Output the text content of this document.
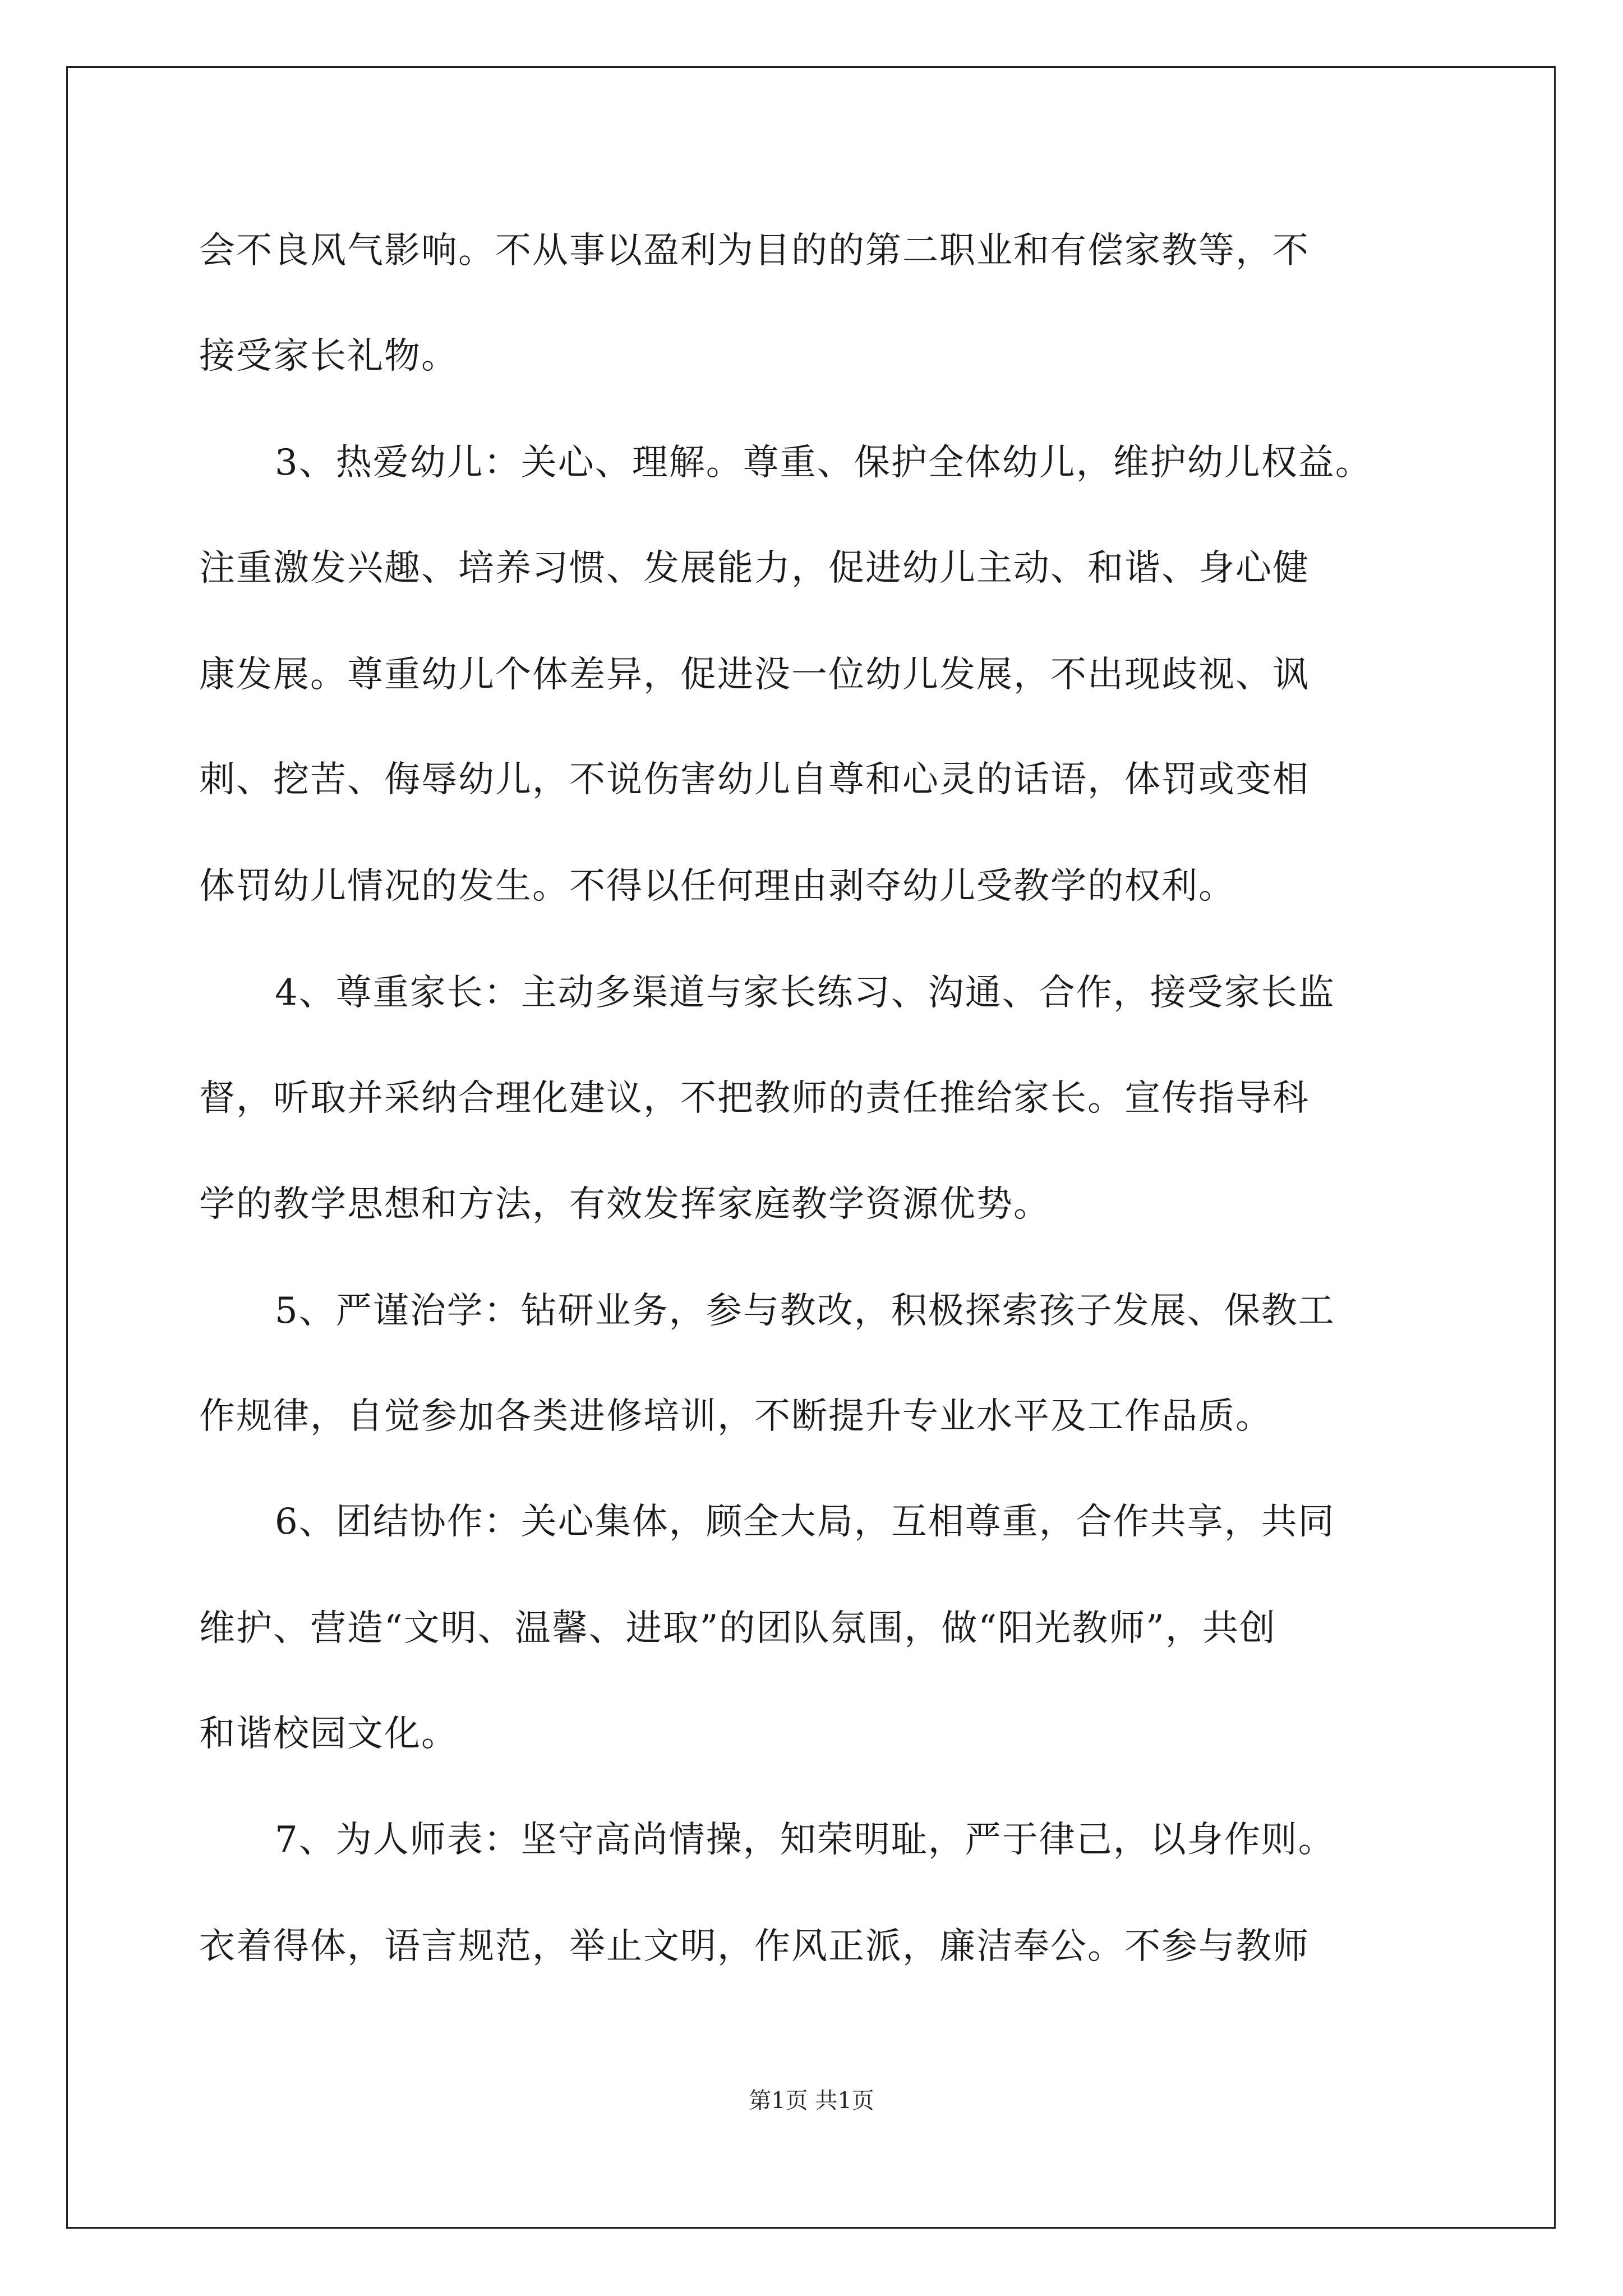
会不良风气影响。不从事以盈利为目的的第二职业和有偿家教等，不
接受家长礼物。
3、热爱幼儿：关心、理解。尊重、保护全体幼儿，维护幼儿权益。
注重激发兴趣、培养习惯、发展能力，促进幼儿主动、和谐、身心健
康发展。尊重幼儿个体差异，促进没一位幼儿发展，不出现歧视、讽
刺、挖苦、侮辱幼儿，不说伤害幼儿自尊和心灵的话语，体罚或变相
体罚幼儿情况的发生。不得以任何理由剥夺幼儿受教学的权利。
4、尊重家长：主动多渠道与家长练习、沟通、合作，接受家长监
督，听取并采纳合理化建议，不把教师的责任推给家长。宣传指导科
学的教学思想和方法，有效发挥家庭教学资源优势。
5、严谨治学：钻研业务，参与教改，积极探索孩子发展、保教工
作规律，自觉参加各类进修培训，不断提升专业水平及工作品质。
6、团结协作：关心集体，顾全大局，互相尊重，合作共享，共同
维护、营造“文明、温馨、进取”的团队氛围，做“阳光教师”，共创
和谐校园文化。
7、为人师表：坚守高尚情操，知荣明耻，严于律己，以身作则。
衣着得体，语言规范，举止文明，作风正派，廉洁奉公。不参与教师
第1页 共1页
